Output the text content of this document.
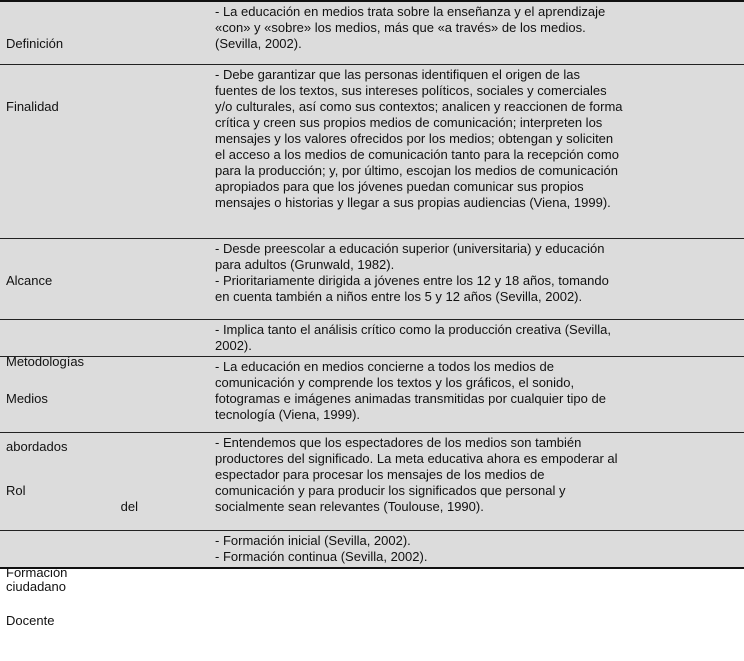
Definición

- La educación en medios trata sobre la enseñanza y el aprendizaje
«con» y «sobre» los medios, más que «a través» de los medios.
(Sevilla, 2002).

Finalidad

- Debe garantizar que las personas identifiquen el origen de las
fuentes de los textos, sus intereses políticos, sociales y comerciales
y/o culturales, así como sus contextos; analicen y reaccionen de forma
crítica y creen sus propios medios de comunicación; interpreten los
mensajes y los valores ofrecidos por los medios; obtengan y soliciten
el acceso a los medios de comunicación tanto para la recepción como
para la producción; y, por último, escojan los medios de comunicación
apropiados para que los jóvenes puedan comunicar sus propios
mensajes o historias y llegar a sus propias audiencias (Viena, 1999).

Alcance

- Desde preescolar a educación superior (universitaria) y educación
para adultos (Grunwald, 1982).
- Prioritariamente dirigida a jóvenes entre los 12 y 18 años, tomando
en cuenta también a niños entre los 5 y 12 años (Sevilla, 2002).

Metodologías

- Implica tanto el análisis crítico como la producción creativa (Sevilla,
2002).

Medios

abordados

- La educación en medios concierne a todos los medios de
comunicación y comprende los textos y los gráficos, el sonido,
fotogramas e imágenes animadas transmitidas por cualquier tipo de
tecnología (Viena, 1999).

Rol

del

ciudadano

- Entendemos que los espectadores de los medios son también
productores del significado. La meta educativa ahora es empoderar al
espectador para procesar los mensajes de los medios de
comunicación y para producir los significados que personal y
socialmente sean relevantes (Toulouse, 1990).

Formación

Docente

- Formación inicial (Sevilla, 2002).
- Formación continua (Sevilla, 2002).
